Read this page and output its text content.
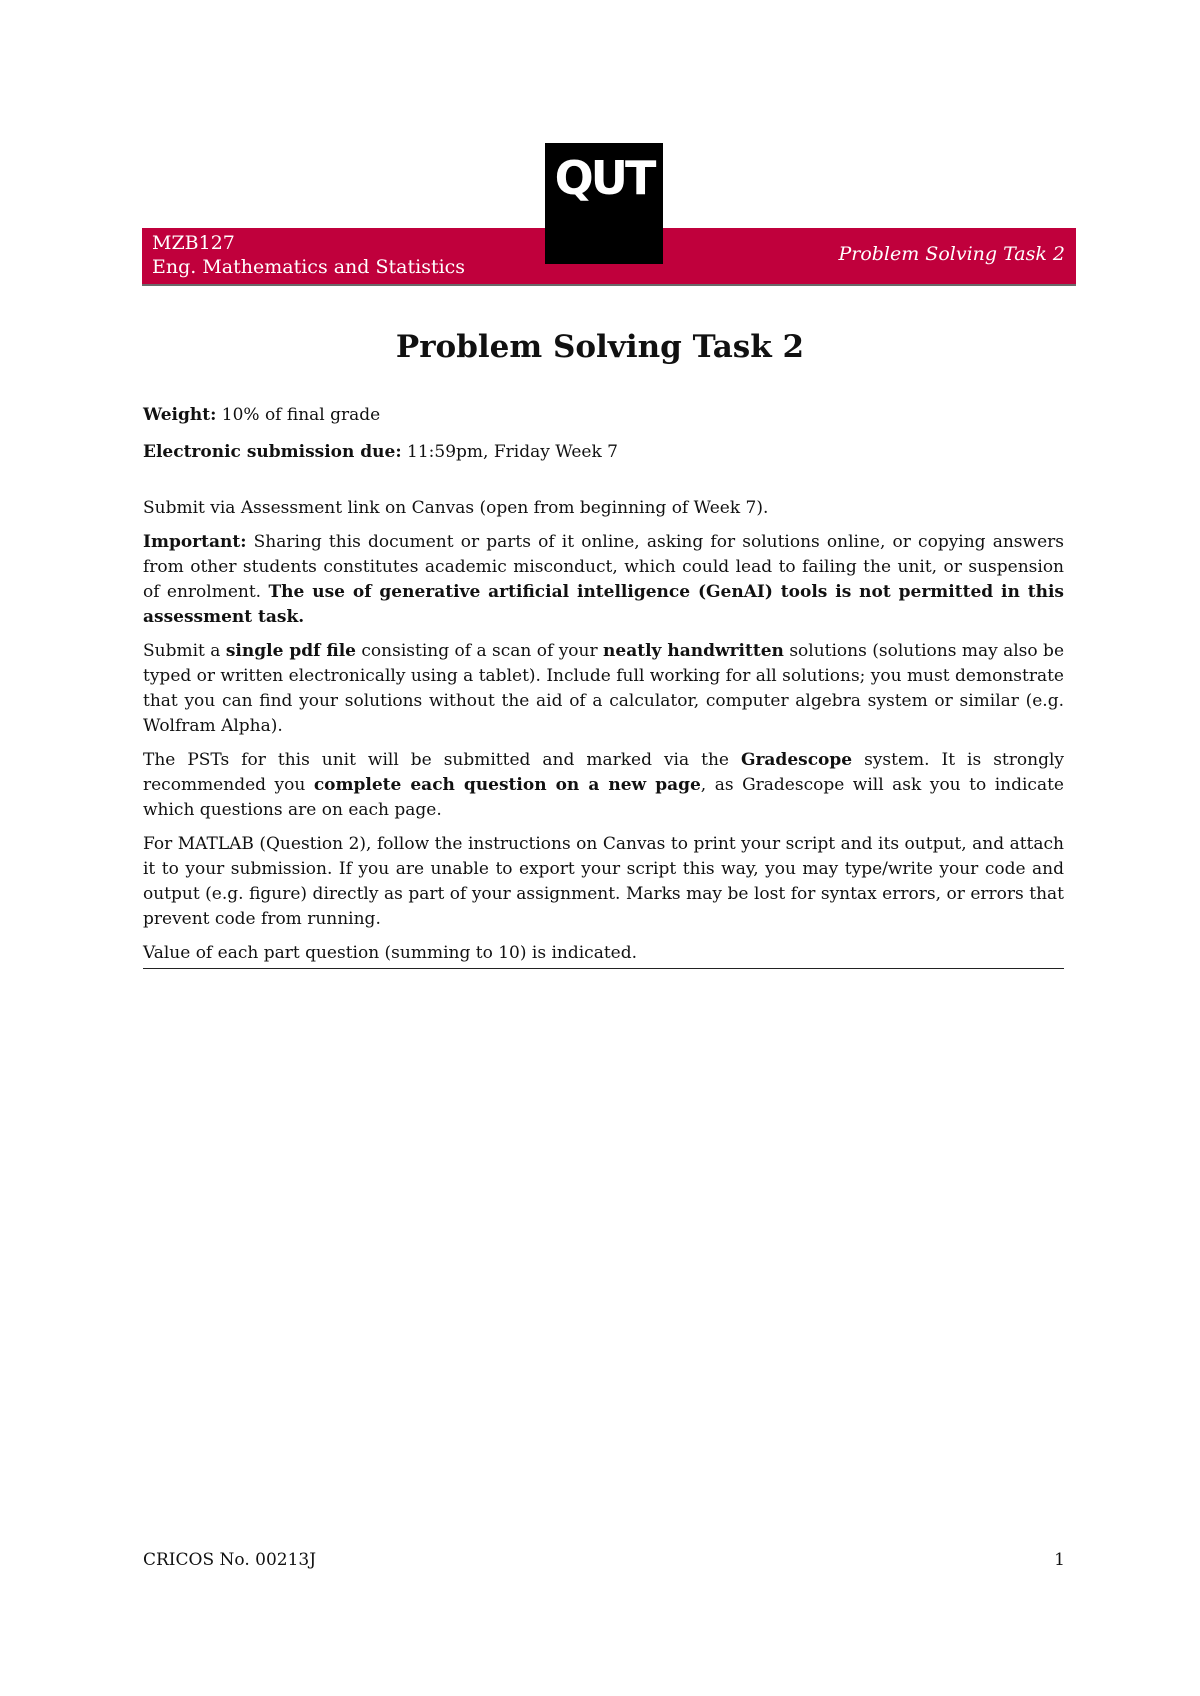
MZB127
Eng. Mathematics and Statistics
Problem Solving Task 2
QUT
Problem Solving Task 2
Weight: 10% of final grade
Electronic submission due: 11:59pm, Friday Week 7

Submit via Assessment link on Canvas (open from beginning of Week 7).

Important: Sharing this document or parts of it online, asking for solutions online, or copying answers from other students constitutes academic misconduct, which could lead to failing the unit, or suspension of enrolment. The use of generative artificial intelligence (GenAI) tools is not permitted in this assessment task.

Submit a single pdf file consisting of a scan of your neatly handwritten solutions (solutions may also be typed or written electronically using a tablet). Include full working for all solutions; you must demonstrate that you can find your solutions without the aid of a calculator, computer algebra system or similar (e.g. Wolfram Alpha).

The PSTs for this unit will be submitted and marked via the Gradescope system. It is strongly recommended you complete each question on a new page, as Gradescope will ask you to indicate which questions are on each page.

For MATLAB (Question 2), follow the instructions on Canvas to print your script and its output, and attach it to your submission. If you are unable to export your script this way, you may type/write your code and output (e.g. figure) directly as part of your assignment. Marks may be lost for syntax errors, or errors that prevent code from running.

Value of each part question (summing to 10) is indicated.

CRICOS No. 00213J	1
